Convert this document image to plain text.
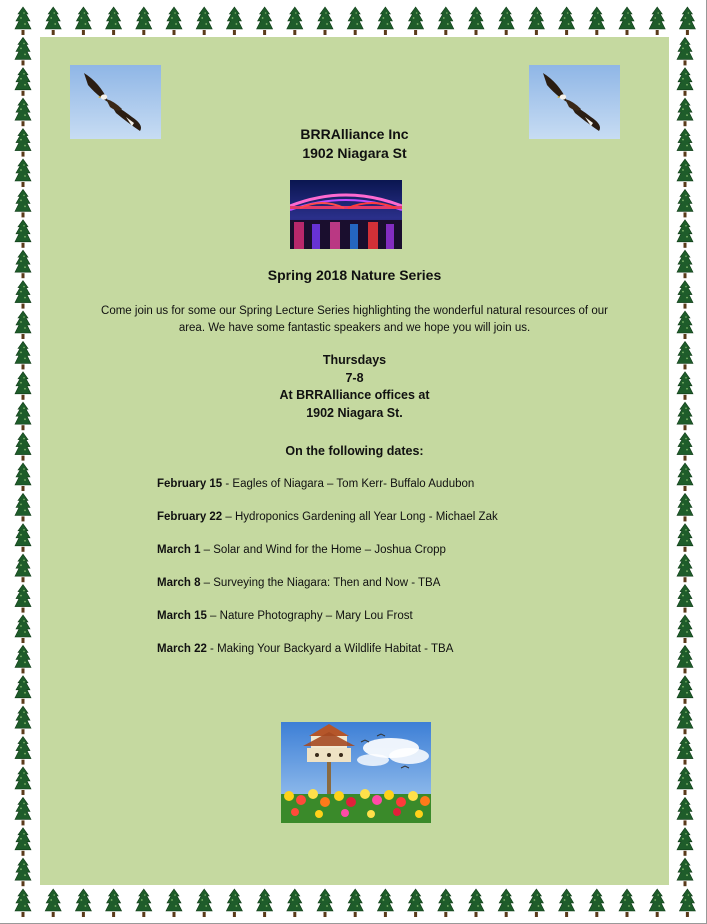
BRRAlliance Inc
1902 Niagara St
Spring 2018 Nature Series
Come join us for some our Spring Lecture Series highlighting the wonderful natural resources of our
area. We have some fantastic speakers and we hope you will join us.
Thursdays
7-8
At BRRAlliance offices at
1902 Niagara St.
On the following dates:
February 15 - Eagles of Niagara – Tom Kerr- Buffalo Audubon
February 22 – Hydroponics Gardening all Year Long - Michael Zak
March 1 – Solar and Wind for the Home – Joshua Cropp
March 8 – Surveying the Niagara: Then and Now - TBA
March 15 – Nature Photography – Mary Lou Frost
March 22 - Making Your Backyard a Wildlife Habitat - TBA
